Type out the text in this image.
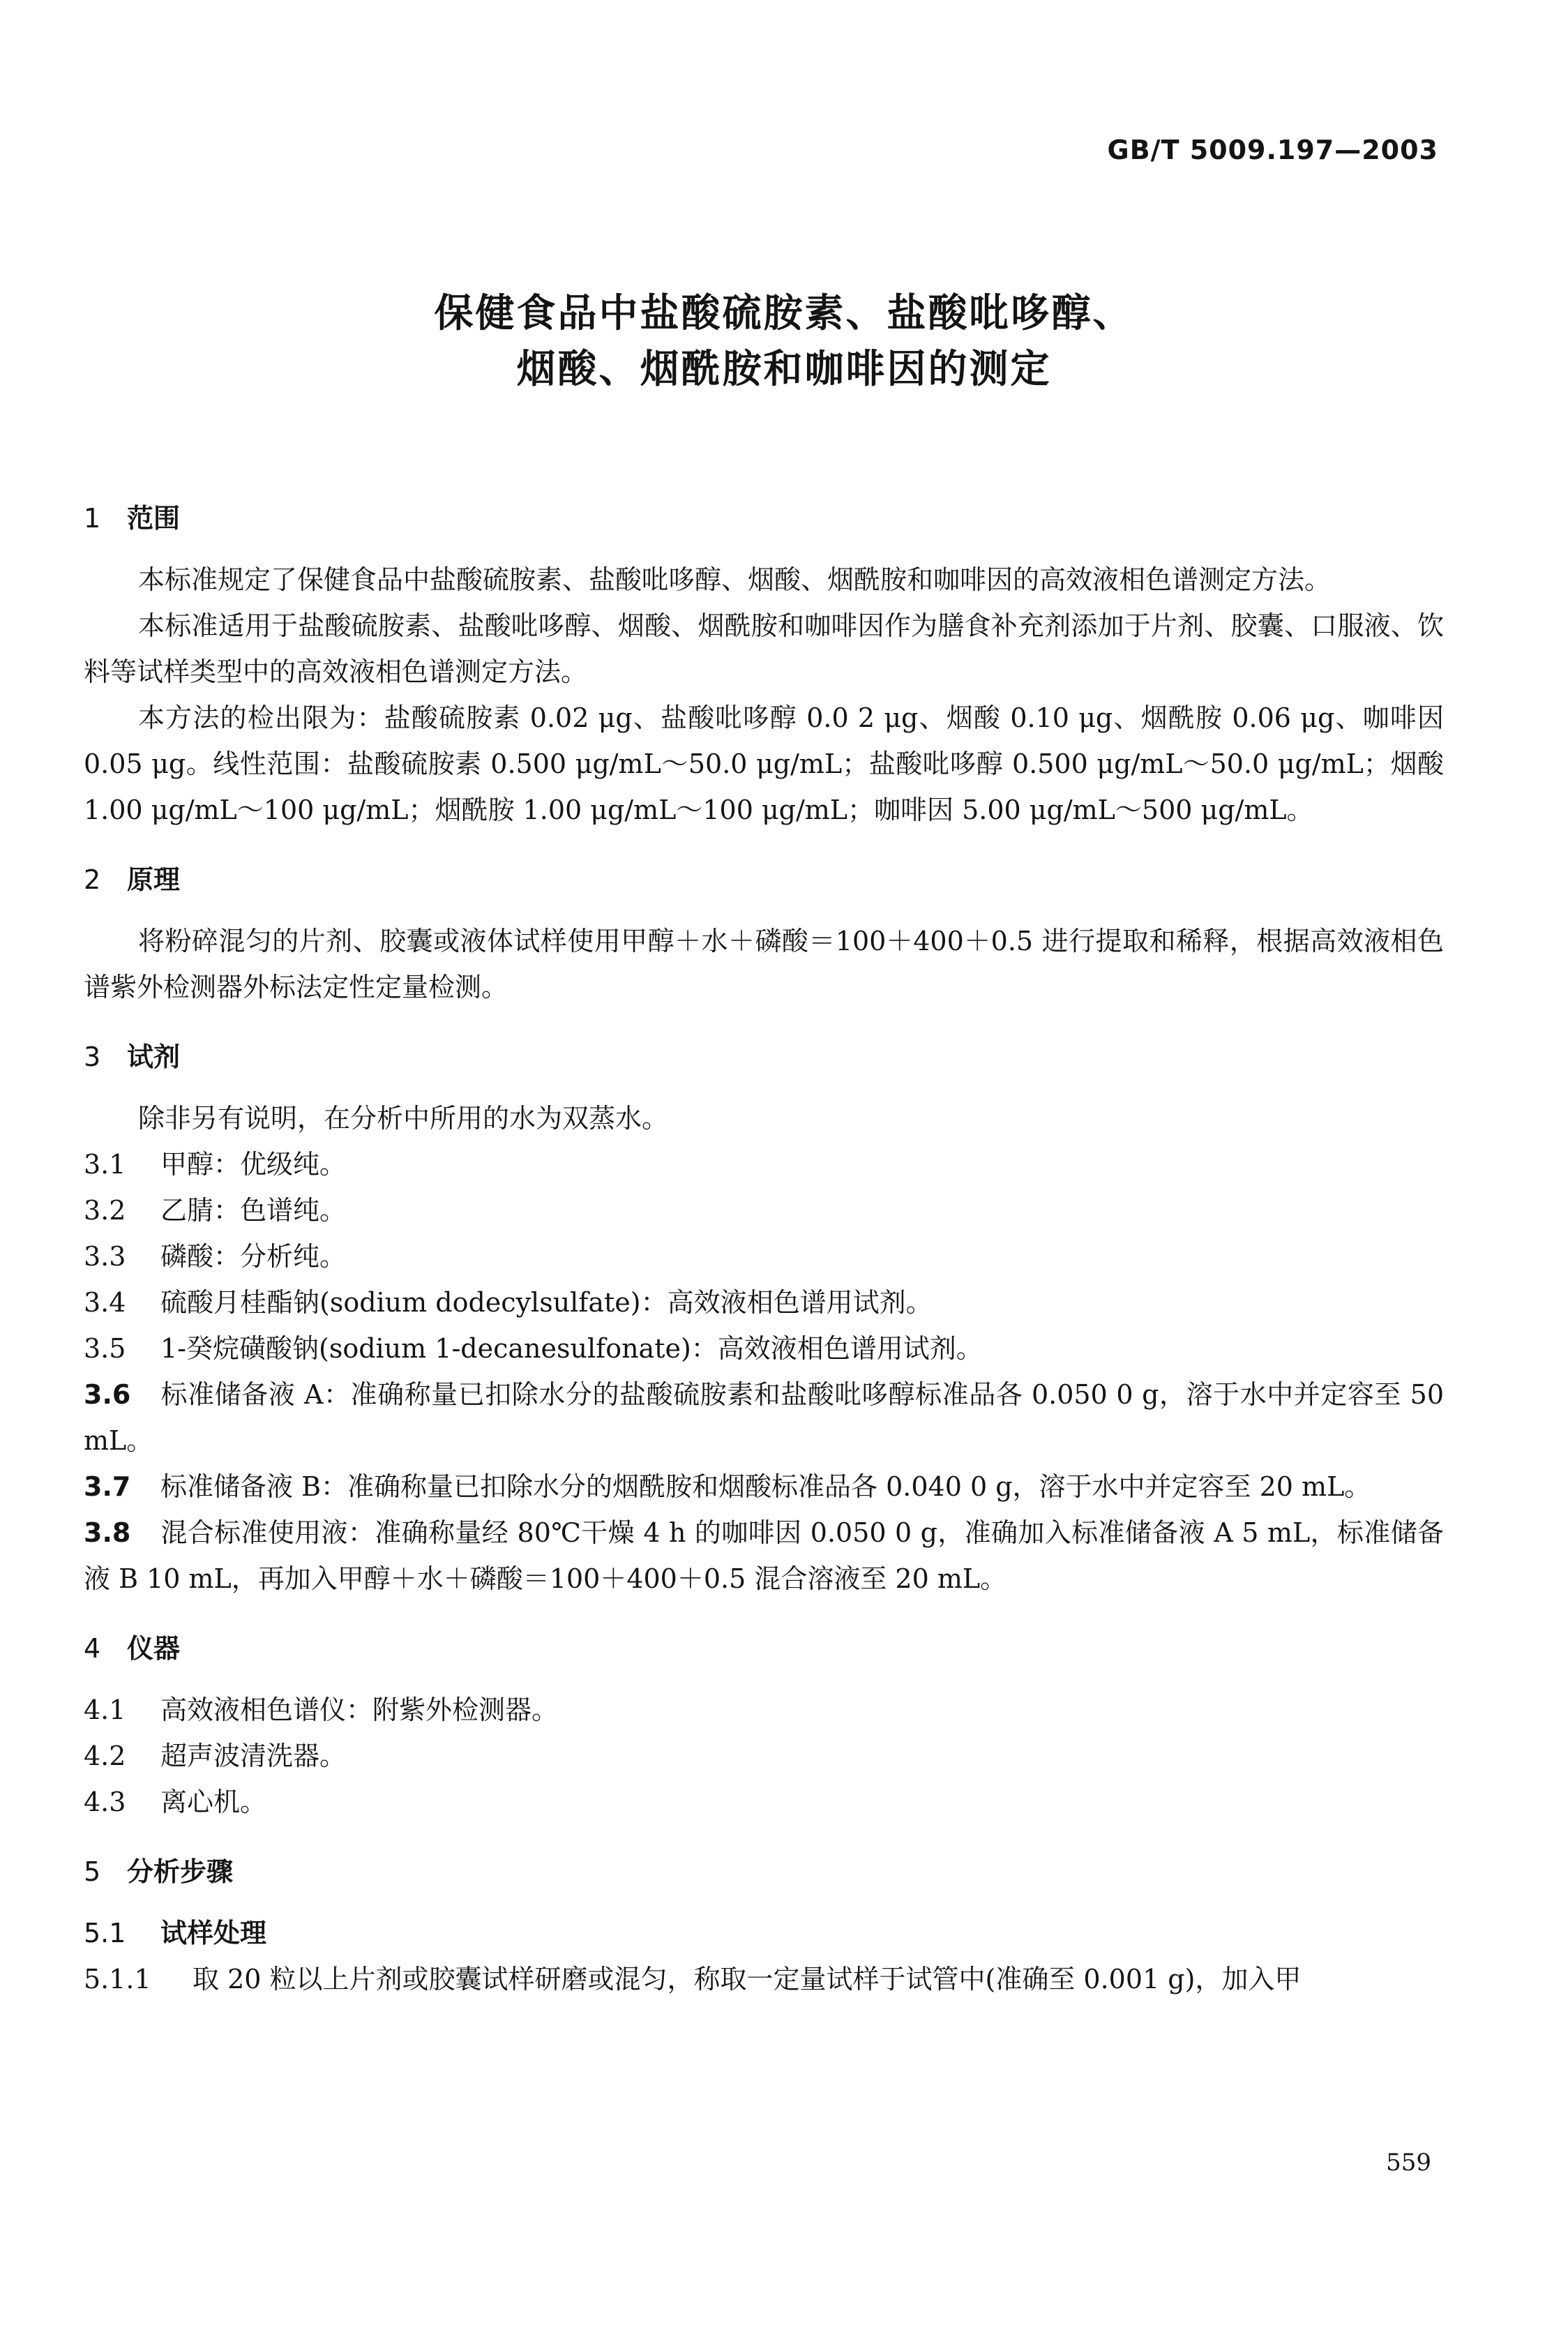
GB/T 5009.197—2003
保健食品中盐酸硫胺素、盐酸吡哆醇、
烟酸、烟酰胺和咖啡因的测定
1 范围
本标准规定了保健食品中盐酸硫胺素、盐酸吡哆醇、烟酸、烟酰胺和咖啡因的高效液相色谱测定方法。
本标准适用于盐酸硫胺素、盐酸吡哆醇、烟酸、烟酰胺和咖啡因作为膳食补充剂添加于片剂、胶囊、口服液、饮料等试样类型中的高效液相色谱测定方法。
本方法的检出限为：盐酸硫胺素 0.02 μg、盐酸吡哆醇 0.0 2 μg、烟酸 0.10 μg、烟酰胺 0.06 μg、咖啡因 0.05 μg。线性范围：盐酸硫胺素 0.500 μg/mL～50.0 μg/mL；盐酸吡哆醇 0.500 μg/mL～50.0 μg/mL；烟酸 1.00 μg/mL～100 μg/mL；烟酰胺 1.00 μg/mL～100 μg/mL；咖啡因 5.00 μg/mL～500 μg/mL。
2 原理
将粉碎混匀的片剂、胶囊或液体试样使用甲醇＋水＋磷酸＝100＋400＋0.5 进行提取和稀释，根据高效液相色谱紫外检测器外标法定性定量检测。
3 试剂
除非另有说明，在分析中所用的水为双蒸水。
3.1 甲醇：优级纯。
3.2 乙腈：色谱纯。
3.3 磷酸：分析纯。
3.4 硫酸月桂酯钠(sodium dodecylsulfate)：高效液相色谱用试剂。
3.5 1-癸烷磺酸钠(sodium 1-decanesulfonate)：高效液相色谱用试剂。
3.6 标准储备液 A：准确称量已扣除水分的盐酸硫胺素和盐酸吡哆醇标准品各 0.050 0 g，溶于水中并定容至 50 mL。
3.7 标准储备液 B：准确称量已扣除水分的烟酰胺和烟酸标准品各 0.040 0 g，溶于水中并定容至 20 mL。
3.8 混合标准使用液：准确称量经 80℃干燥 4 h 的咖啡因 0.050 0 g，准确加入标准储备液 A 5 mL，标准储备液 B 10 mL，再加入甲醇＋水＋磷酸＝100＋400＋0.5 混合溶液至 20 mL。
4 仪器
4.1 高效液相色谱仪：附紫外检测器。
4.2 超声波清洗器。
4.3 离心机。
5 分析步骤
5.1 试样处理
5.1.1 取 20 粒以上片剂或胶囊试样研磨或混匀，称取一定量试样于试管中(准确至 0.001 g)，加入甲
559
